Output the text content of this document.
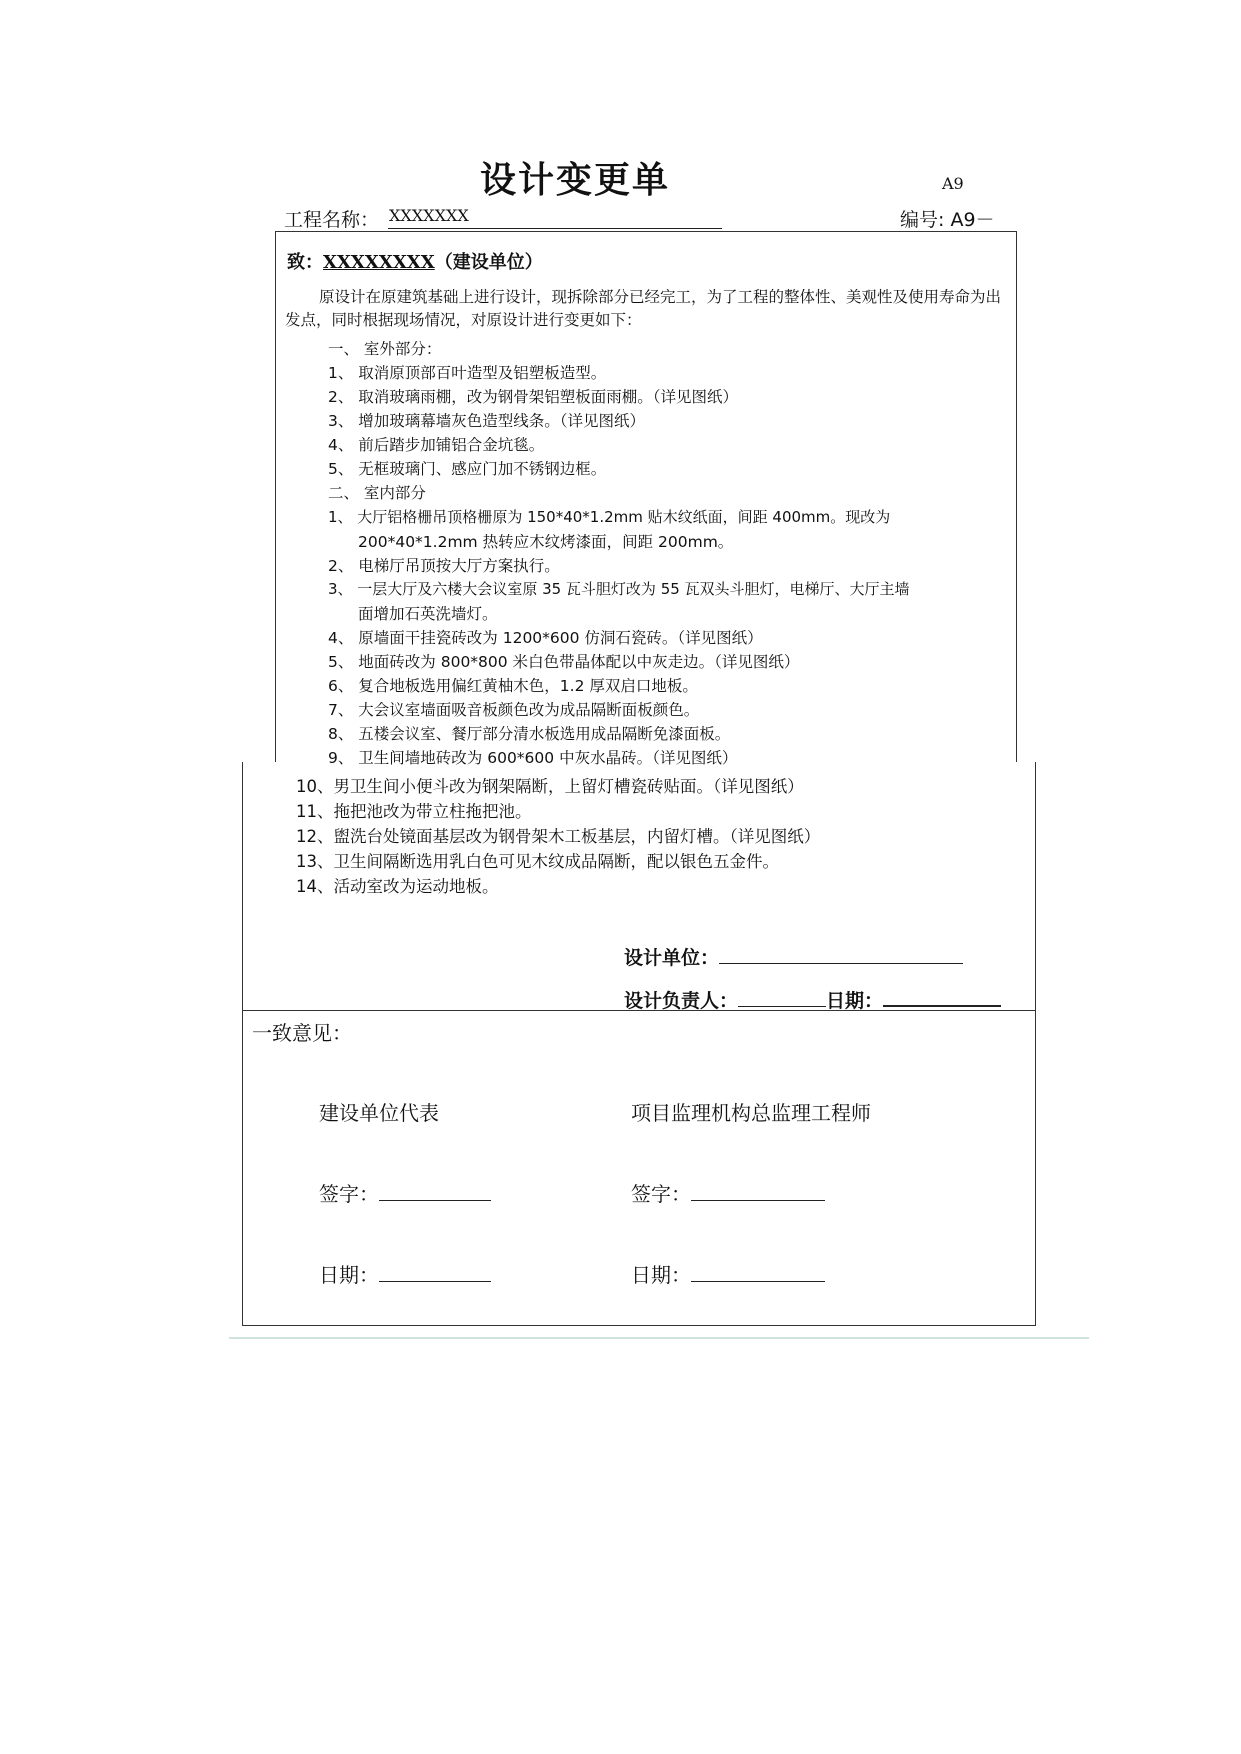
设计变更单	A9
工程名称： XXXXXXX	编号: A9－
致：XXXXXXXX（建设单位）
原设计在原建筑基础上进行设计，现拆除部分已经完工，为了工程的整体性、美观性及使用寿命为出发点，同时根据现场情况，对原设计进行变更如下：
一、 室外部分：
1、 取消原顶部百叶造型及铝塑板造型。
2、 取消玻璃雨棚，改为钢骨架铝塑板面雨棚。（详见图纸）
3、 增加玻璃幕墙灰色造型线条。（详见图纸）
4、 前后踏步加铺铝合金坑毯。
5、 无框玻璃门、感应门加不锈钢边框。
二、 室内部分
1、 大厅铝格栅吊顶格栅原为 150*40*1.2mm 贴木纹纸面，间距 400mm。现改为
200*40*1.2mm 热转应木纹烤漆面，间距 200mm。
2、 电梯厅吊顶按大厅方案执行。
3、 一层大厅及六楼大会议室原 35 瓦斗胆灯改为 55 瓦双头斗胆灯，电梯厅、大厅主墙
面增加石英洗墙灯。
4、 原墙面干挂瓷砖改为 1200*600 仿洞石瓷砖。（详见图纸）
5、 地面砖改为 800*800 米白色带晶体配以中灰走边。（详见图纸）
6、 复合地板选用偏红黄柚木色，1.2 厚双启口地板。
7、 大会议室墙面吸音板颜色改为成品隔断面板颜色。
8、 五楼会议室、餐厅部分清水板选用成品隔断免漆面板。
9、 卫生间墙地砖改为 600*600 中灰水晶砖。（详见图纸）
10、男卫生间小便斗改为钢架隔断，上留灯槽瓷砖贴面。（详见图纸）
11、拖把池改为带立柱拖把池。
12、盥洗台处镜面基层改为钢骨架木工板基层，内留灯槽。（详见图纸）
13、卫生间隔断选用乳白色可见木纹成品隔断，配以银色五金件。
14、活动室改为运动地板。
设计单位：
设计负责人：	日期：
一致意见：
建设单位代表	项目监理机构总监理工程师
签字：	签字：
日期：	日期：
